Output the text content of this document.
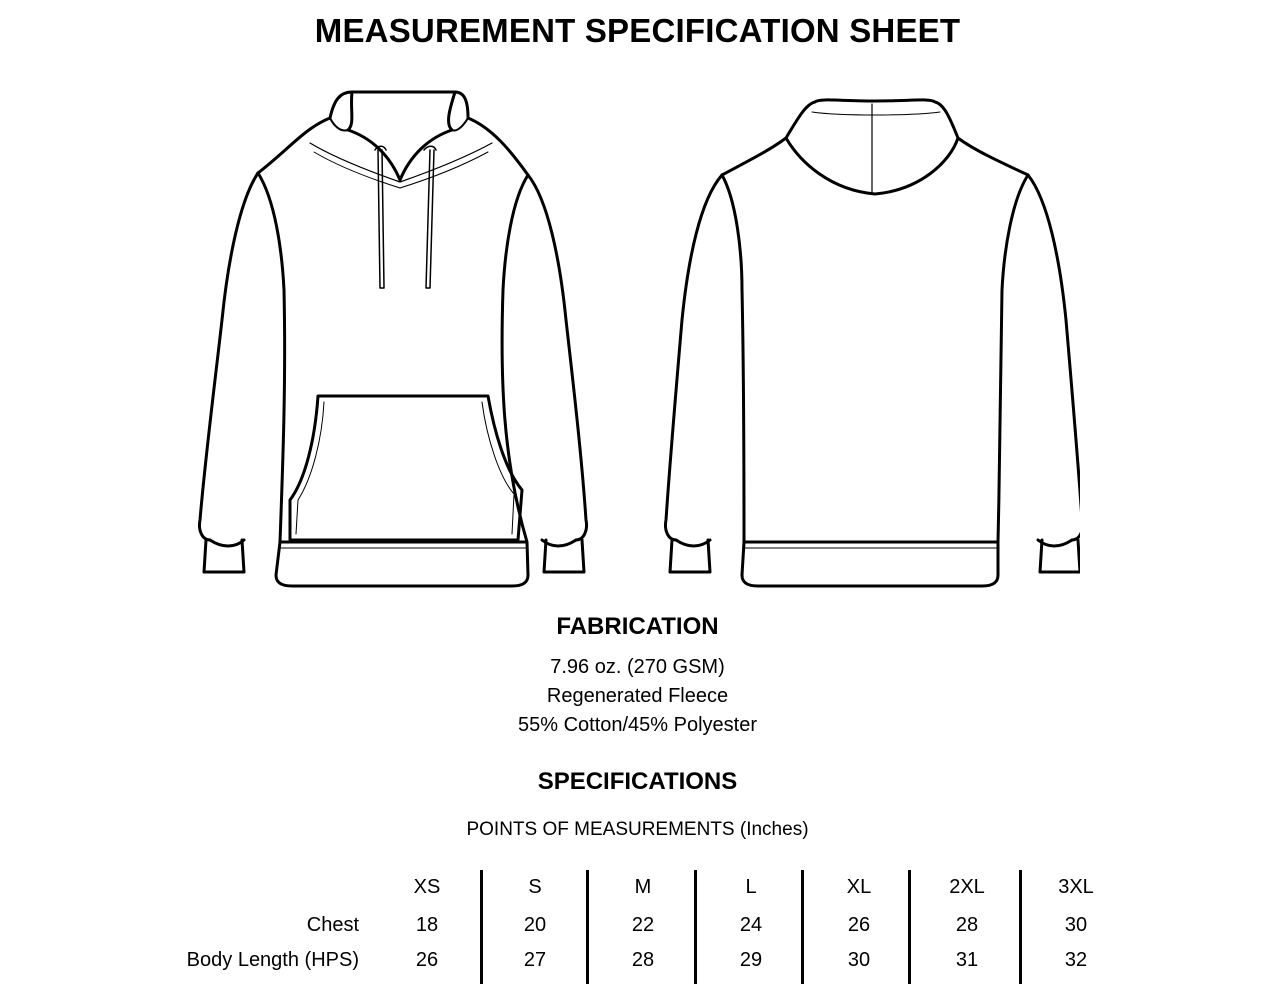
MEASUREMENT SPECIFICATION SHEET
FABRICATION
7.96 oz. (270 GSM)
Regenerated Fleece
55% Cotton/45% Polyester
SPECIFICATIONS
POINTS OF MEASUREMENTS (Inches)
XS	S	M	L	XL	2XL	3XL
Chest	18	20	22	24	26	28	30
Body Length (HPS)	26	27	28	29	30	31	32
